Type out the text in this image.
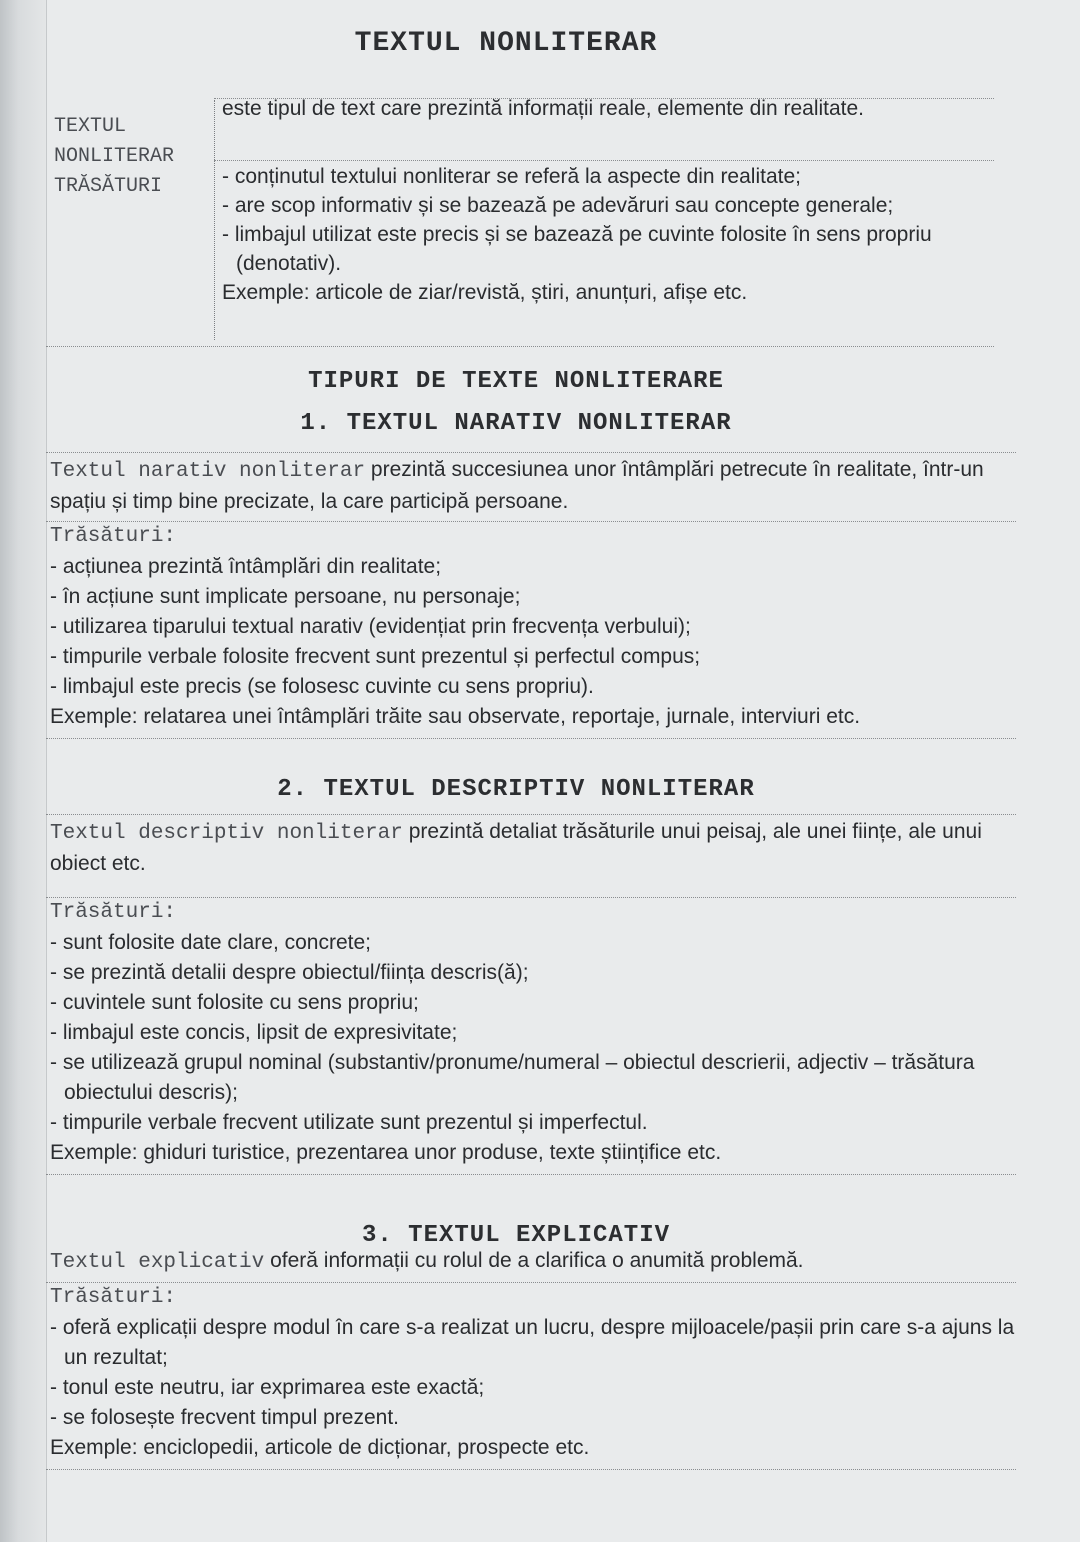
TEXTUL NONLITERAR
TEXTUL
NONLITERAR
TRĂSĂTURI
este tipul de text care prezintă informații reale, elemente din realitate.
- conținutul textului nonliterar se referă la aspecte din realitate;
- are scop informativ și se bazează pe adevăruri sau concepte generale;
- limbajul utilizat este precis și se bazează pe cuvinte folosite în sens propriu (denotativ).
Exemple: articole de ziar/revistă, știri, anunțuri, afișe etc.
TIPURI DE TEXTE NONLITERARE
1. TEXTUL NARATIV NONLITERAR
Textul narativ nonliterar prezintă succesiunea unor întâmplări petrecute în realitate, într-un spațiu și timp bine precizate, la care participă persoane.
Trăsături:
- acțiunea prezintă întâmplări din realitate;
- în acțiune sunt implicate persoane, nu personaje;
- utilizarea tiparului textual narativ (evidențiat prin frecvența verbului);
- timpurile verbale folosite frecvent sunt prezentul și perfectul compus;
- limbajul este precis (se folosesc cuvinte cu sens propriu).
Exemple: relatarea unei întâmplări trăite sau observate, reportaje, jurnale, interviuri etc.
2. TEXTUL DESCRIPTIV NONLITERAR
Textul descriptiv nonliterar prezintă detaliat trăsăturile unui peisaj, ale unei ființe, ale unui obiect etc.
Trăsături:
- sunt folosite date clare, concrete;
- se prezintă detalii despre obiectul/ființa descris(ă);
- cuvintele sunt folosite cu sens propriu;
- limbajul este concis, lipsit de expresivitate;
- se utilizează grupul nominal (substantiv/pronume/numeral – obiectul descrierii, adjectiv – trăsătura obiectului descris);
- timpurile verbale frecvent utilizate sunt prezentul și imperfectul.
Exemple: ghiduri turistice, prezentarea unor produse, texte științifice etc.
3. TEXTUL EXPLICATIV
Textul explicativ oferă informații cu rolul de a clarifica o anumită problemă.
Trăsături:
- oferă explicații despre modul în care s-a realizat un lucru, despre mijloacele/pașii prin care s-a ajuns la un rezultat;
- tonul este neutru, iar exprimarea este exactă;
- se folosește frecvent timpul prezent.
Exemple: enciclopedii, articole de dicționar, prospecte etc.
